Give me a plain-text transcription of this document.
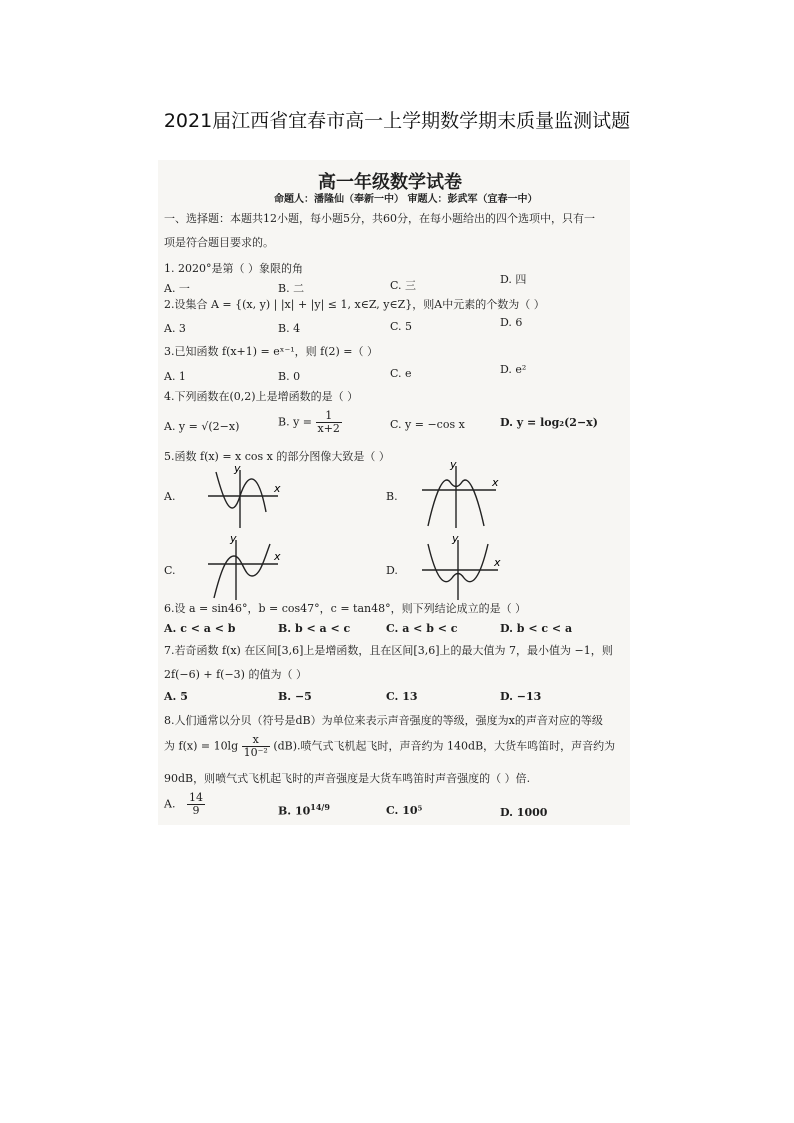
2021届江西省宜春市高一上学期数学期末质量监测试题
高一年级数学试卷
命题人：潘隆仙（奉新一中） 审题人：彭武军（宜春一中）
一、选择题：本题共12小题，每小题5分，共60分，在每小题给出的四个选项中，只有一
项是符合题目要求的。
1. 2020°是第（ ）象限的角
A. 一	B. 二	C. 三	D. 四
2.设集合 A = {(x, y) | |x| + |y| ≤ 1, x∈Z, y∈Z}，则A中元素的个数为（ ）
A. 3	B. 4	C. 5	D. 6
3.已知函数 f(x+1) = eˣ⁻¹，则 f(2) =（ ）
A. 1	B. 0	C. e	D. e²
4.下列函数在(0,2)上是增函数的是（ ）
A. y = √(2−x)	B. $y = \frac{1}{x+2}$	C. y = −cos x	D. y = log₂(2−x)
5.函数 f(x) = x cos x 的部分图像大致是（ ）
A.
x
y
B.
x
y
C.
x
y
D.
x
y
6.设 a = sin46°，b = cos47°，c = tan48°，则下列结论成立的是（ ）
A. c < a < b	B. b < a < c	C. a < b < c	D. b < c < a
7.若奇函数 f(x) 在区间[3,6]上是增函数，且在区间[3,6]上的最大值为 7，最小值为 −1，则
2f(−6) + f(−3) 的值为（ ）
A. 5	B. −5	C. 13	D. −13
8.人们通常以分贝（符号是dB）为单位来表示声音强度的等级，强度为x的声音对应的等级
为 $f(x) = 10\lg \frac{x}{\text{10⁻²}} (dB)$.喷气式飞机起飞时，声音约为 140dB，大货车鸣笛时，声音约为
90dB，则喷气式飞机起飞时的声音强度是大货车鸣笛时声音强度的（ ）倍.
A. $\frac{14}{9}$	B. $10^{14/9}$	C. 10⁵	D. 1000
